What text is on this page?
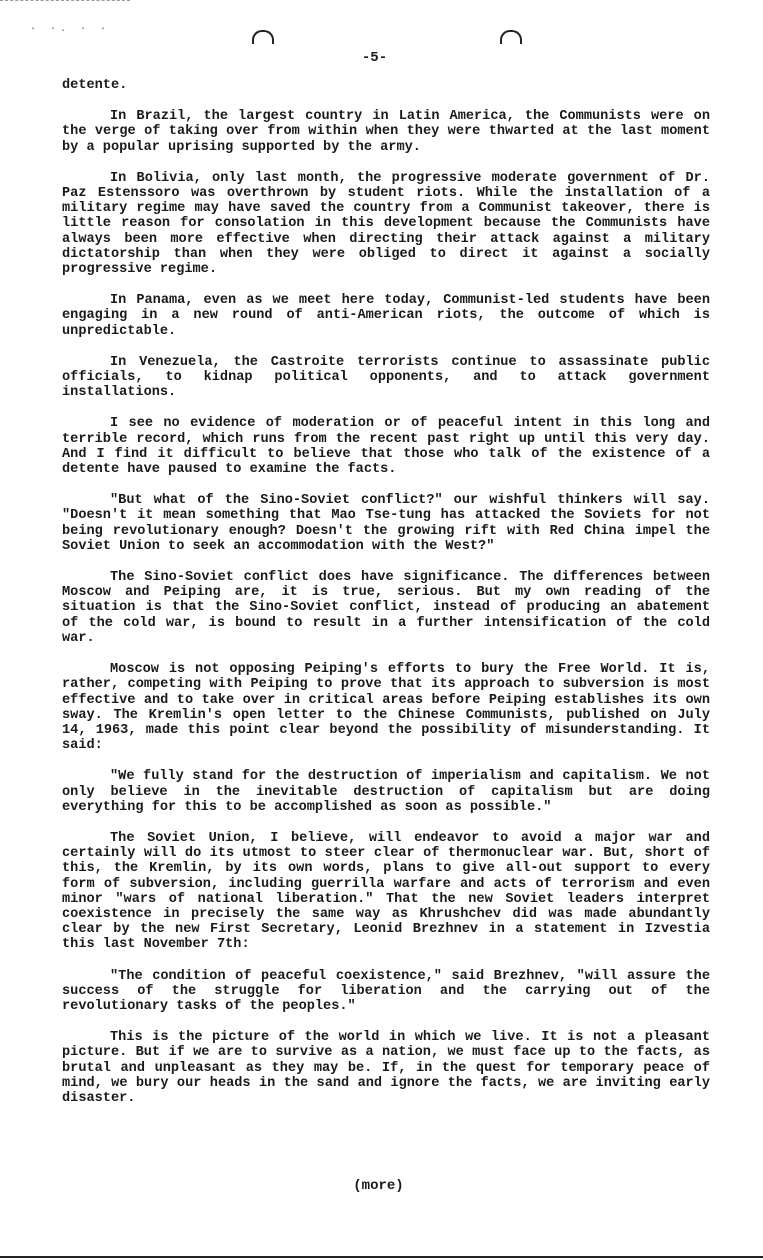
· ·. · ·
-5-

detente.

In Brazil, the largest country in Latin America, the Communists were on the verge of taking over from within when they were thwarted at the last moment by a popular uprising supported by the army.

In Bolivia, only last month, the progressive moderate government of Dr. Paz Estenssoro was overthrown by student riots. While the installation of a military regime may have saved the country from a Communist takeover, there is little reason for consolation in this development because the Communists have always been more effective when directing their attack against a military dictatorship than when they were obliged to direct it against a socially progressive regime.

In Panama, even as we meet here today, Communist-led students have been engaging in a new round of anti-American riots, the outcome of which is unpredictable.

In Venezuela, the Castroite terrorists continue to assassinate public officials, to kidnap political opponents, and to attack government installations.

I see no evidence of moderation or of peaceful intent in this long and terrible record, which runs from the recent past right up until this very day. And I find it difficult to believe that those who talk of the existence of a detente have paused to examine the facts.

"But what of the Sino-Soviet conflict?" our wishful thinkers will say. "Doesn't it mean something that Mao Tse-tung has attacked the Soviets for not being revolutionary enough? Doesn't the growing rift with Red China impel the Soviet Union to seek an accommodation with the West?"

The Sino-Soviet conflict does have significance. The differences between Moscow and Peiping are, it is true, serious. But my own reading of the situation is that the Sino-Soviet conflict, instead of producing an abatement of the cold war, is bound to result in a further intensification of the cold war.

Moscow is not opposing Peiping's efforts to bury the Free World. It is, rather, competing with Peiping to prove that its approach to subversion is most effective and to take over in critical areas before Peiping establishes its own sway. The Kremlin's open letter to the Chinese Communists, published on July 14, 1963, made this point clear beyond the possibility of misunderstanding. It said:

"We fully stand for the destruction of imperialism and capitalism. We not only believe in the inevitable destruction of capitalism but are doing everything for this to be accomplished as soon as possible."

The Soviet Union, I believe, will endeavor to avoid a major war and certainly will do its utmost to steer clear of thermonuclear war. But, short of this, the Kremlin, by its own words, plans to give all-out support to every form of subversion, including guerrilla warfare and acts of terrorism and even minor "wars of national liberation." That the new Soviet leaders interpret coexistence in precisely the same way as Khrushchev did was made abundantly clear by the new First Secretary, Leonid Brezhnev in a statement in Izvestia this last November 7th:

"The condition of peaceful coexistence," said Brezhnev, "will assure the success of the struggle for liberation and the carrying out of the revolutionary tasks of the peoples."

This is the picture of the world in which we live. It is not a pleasant picture. But if we are to survive as a nation, we must face up to the facts, as brutal and unpleasant as they may be. If, in the quest for temporary peace of mind, we bury our heads in the sand and ignore the facts, we are inviting early disaster.

(more)
